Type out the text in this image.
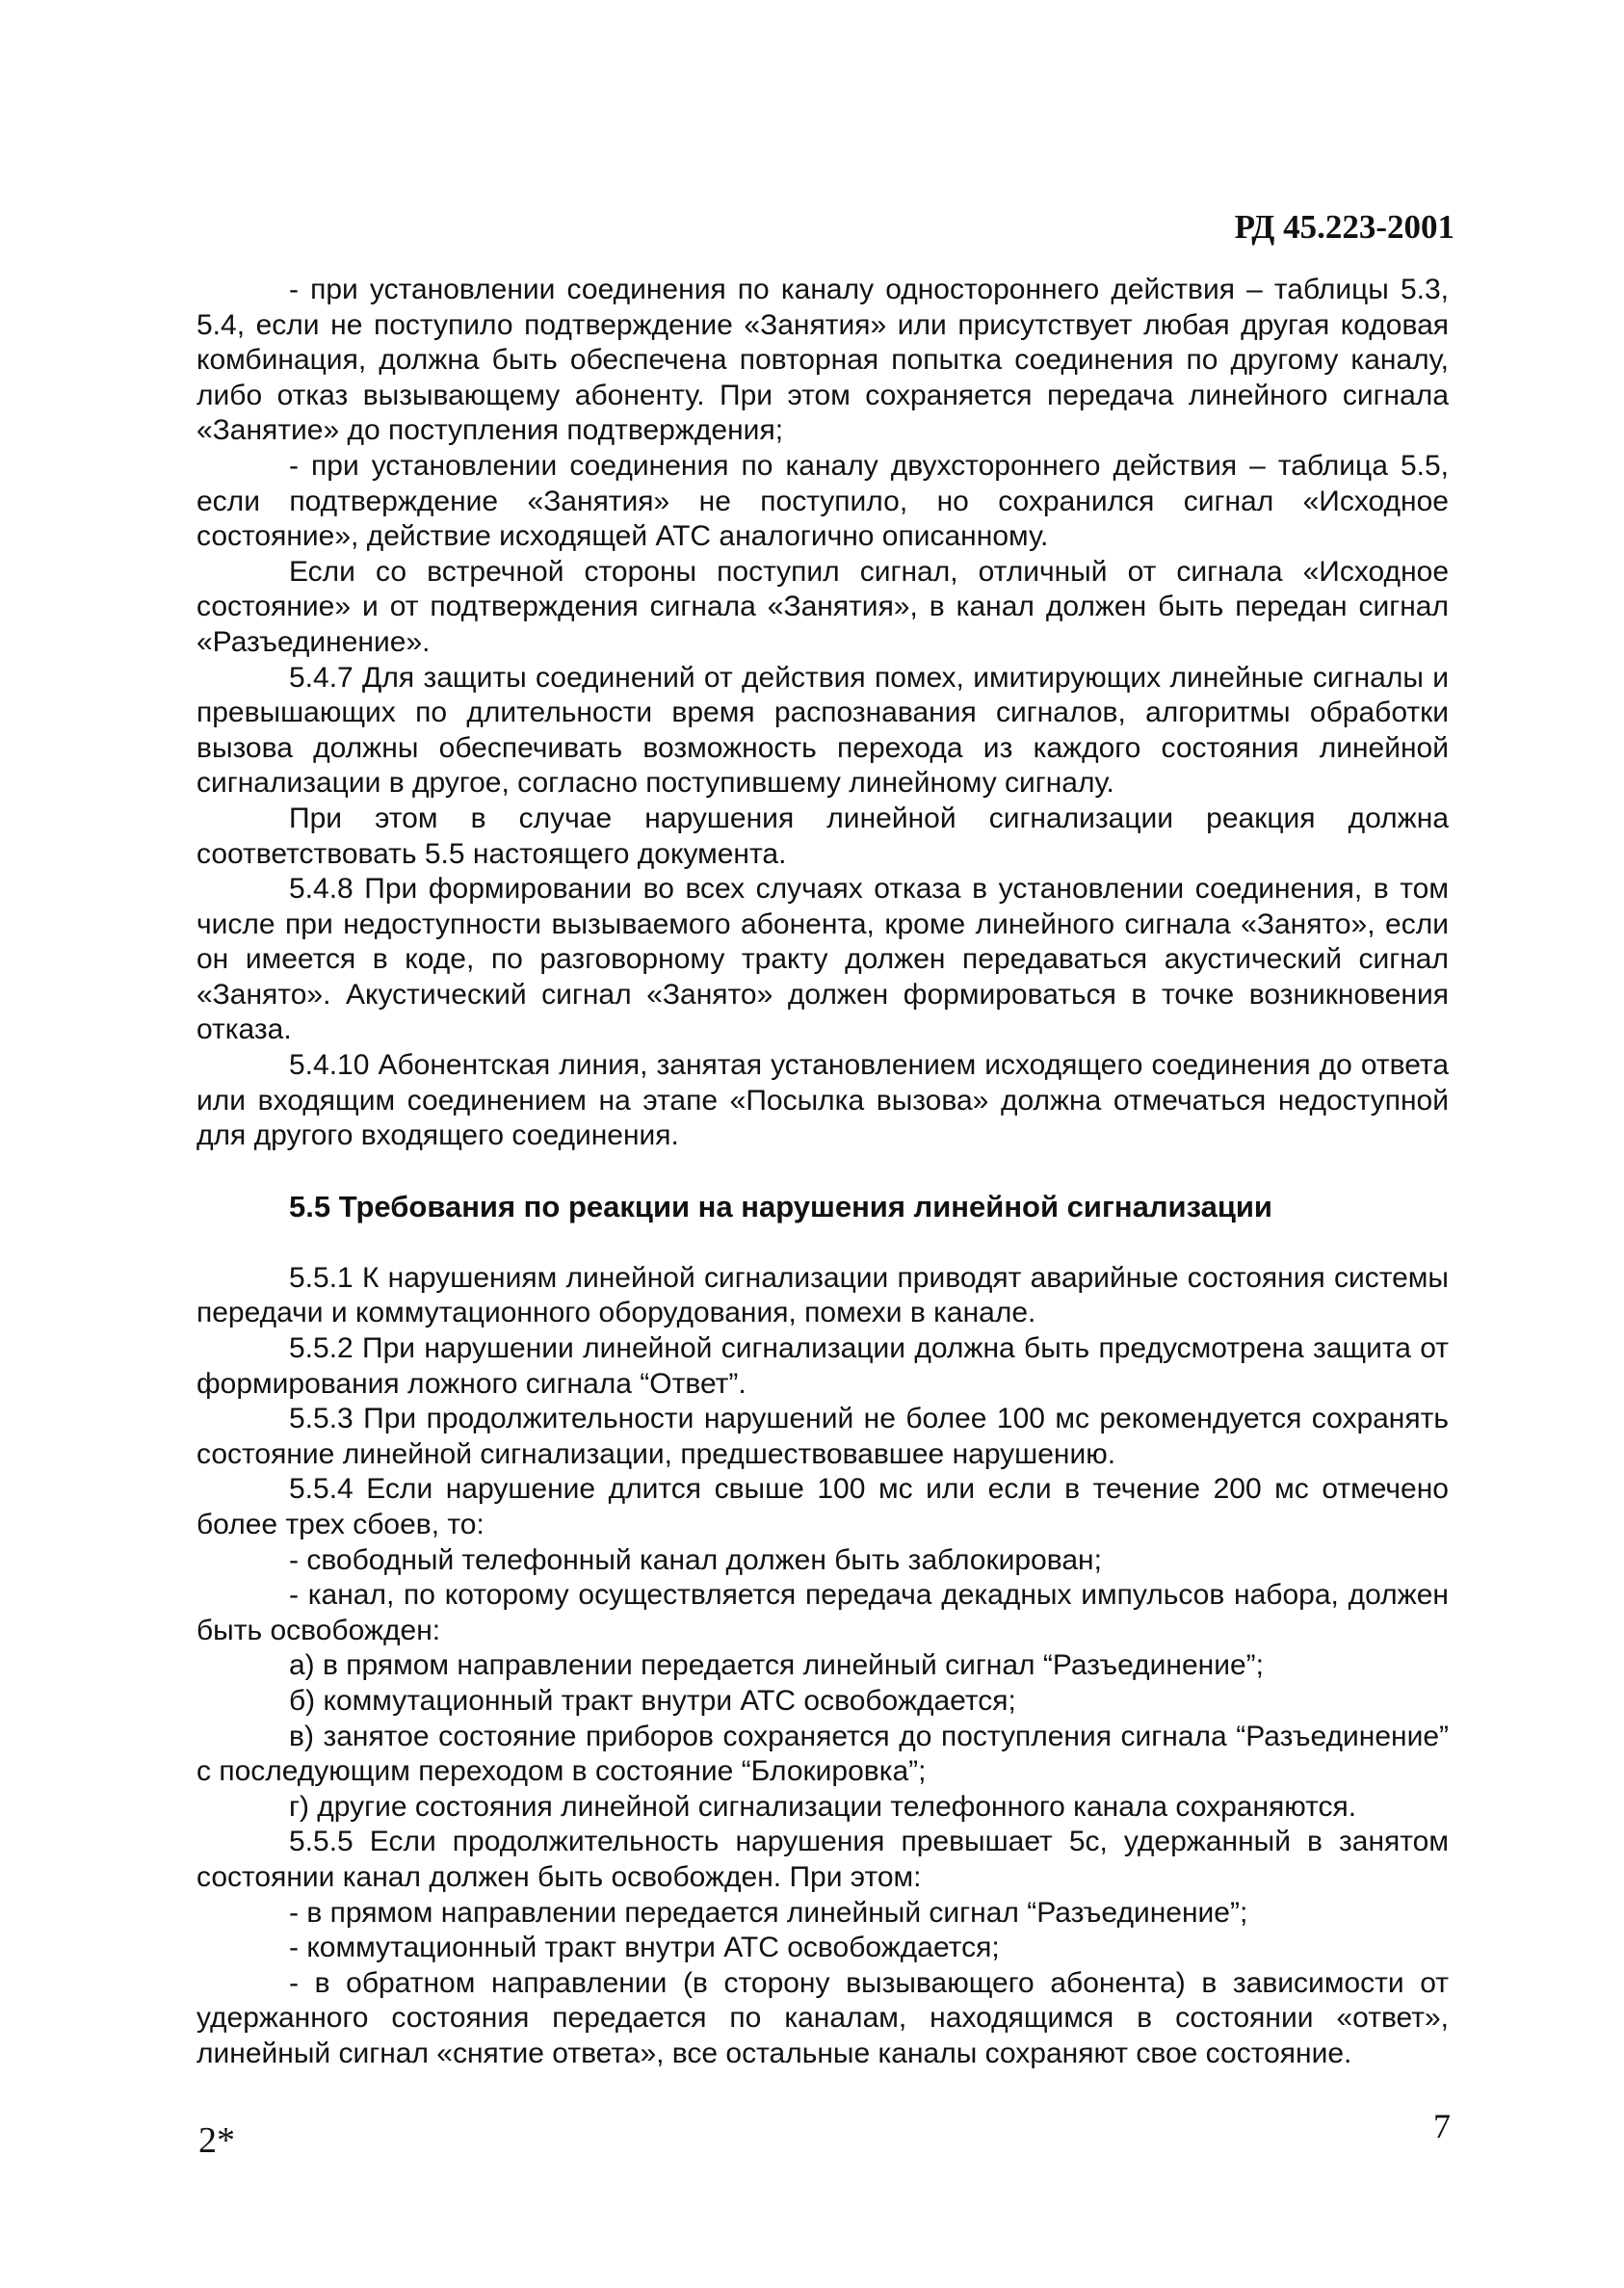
РД 45.223-2001

- при установлении соединения по каналу одностороннего действия – таблицы 5.3, 5.4, если не поступило подтверждение «Занятия» или присутствует любая другая кодовая комбинация, должна быть обеспечена повторная попытка соединения по другому каналу, либо отказ вызывающему абоненту. При этом сохраняется передача линейного сигнала «Занятие» до поступления подтверждения;

- при установлении соединения по каналу двухстороннего действия – таблица 5.5, если подтверждение «Занятия» не поступило, но сохранился сигнал «Исходное состояние», действие исходящей АТС аналогично описанному.

Если со встречной стороны поступил сигнал, отличный от сигнала «Исходное состояние» и от подтверждения сигнала «Занятия», в канал должен быть передан сигнал «Разъединение».

5.4.7 Для защиты соединений от действия помех, имитирующих линейные сигналы и превышающих по длительности время распознавания сигналов, алгоритмы обработки вызова должны обеспечивать возможность перехода из каждого состояния линейной сигнализации в другое, согласно поступившему линейному сигналу.

При этом в случае нарушения линейной сигнализации реакция должна соответствовать 5.5 настоящего документа.

5.4.8 При формировании во всех случаях отказа в установлении соединения, в том числе при недоступности вызываемого абонента, кроме линейного сигнала «Занято», если он имеется в коде, по разговорному тракту должен передаваться акустический сигнал «Занято». Акустический сигнал «Занято» должен формироваться в точке возникновения отказа.

5.4.10 Абонентская линия, занятая установлением исходящего соединения до ответа или входящим соединением на этапе «Посылка вызова» должна отмечаться недоступной для другого входящего соединения.

5.5 Требования по реакции на нарушения линейной сигнализации

5.5.1 К нарушениям линейной сигнализации приводят аварийные состояния системы передачи и коммутационного оборудования, помехи в канале.

5.5.2 При нарушении линейной сигнализации должна быть предусмотрена защита от формирования ложного сигнала “Ответ”.

5.5.3 При продолжительности нарушений не более 100 мс рекомендуется сохранять состояние линейной сигнализации, предшествовавшее нарушению.

5.5.4 Если нарушение длится свыше 100 мс или если в течение 200 мс отмечено более трех сбоев, то:

- свободный телефонный канал должен быть заблокирован;

- канал, по которому осуществляется передача декадных импульсов набора, должен быть освобожден:

а) в прямом направлении передается линейный сигнал “Разъединение”;

б) коммутационный тракт внутри АТС освобождается;

в) занятое состояние приборов сохраняется до поступления сигнала “Разъединение” с последующим переходом в состояние “Блокировка”;

г) другие состояния линейной сигнализации телефонного канала сохраняются.

5.5.5 Если продолжительность нарушения превышает 5с, удержанный в занятом состоянии канал должен быть освобожден. При этом:

- в прямом направлении передается линейный сигнал “Разъединение”;

- коммутационный тракт внутри АТС освобождается;

- в обратном направлении (в сторону вызывающего абонента) в зависимости от удержанного состояния передается по каналам, находящимся в состоянии «ответ», линейный сигнал «снятие ответа», все остальные каналы сохраняют свое состояние.

2*	7
